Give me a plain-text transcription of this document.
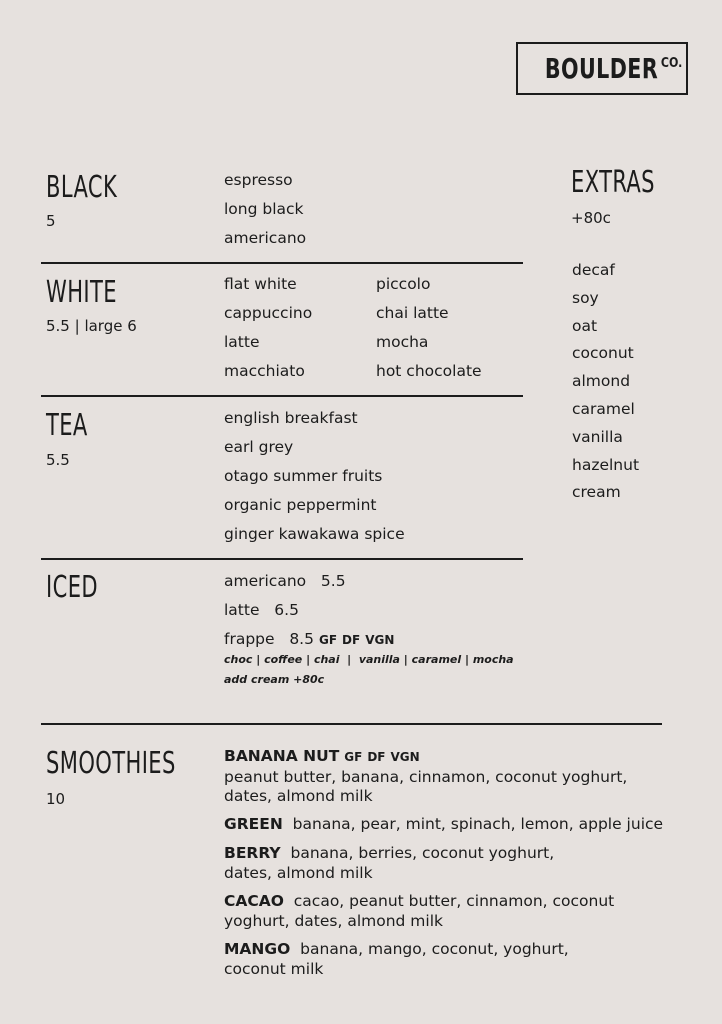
BOULDER CO.
BLACK
5
espresso
long black
americano
WHITE
5.5 | large 6
flat white
cappuccino
latte
macchiato
piccolo
chai latte
mocha
hot chocolate
TEA
5.5
english breakfast
earl grey
otago summer fruits
organic peppermint
ginger kawakawa spice
ICED	americano   5.5
latte   6.5
frappe   8.5 GF DF VGN
choc | coffee | chai  |  vanilla | caramel | mocha
add cream +80c
EXTRAS
+80c
decaf
soy
oat
coconut
almond
caramel
vanilla
hazelnut
cream
SMOOTHIES
10
BANANA NUT GF DF VGN
peanut butter, banana, cinnamon, coconut yoghurt, dates, almond milk
GREEN banana, pear, mint, spinach, lemon, apple juice
BERRY banana, berries, coconut yoghurt, dates, almond milk
CACAO cacao, peanut butter, cinnamon, coconut yoghurt, dates, almond milk
MANGO banana, mango, coconut, yoghurt, coconut milk
